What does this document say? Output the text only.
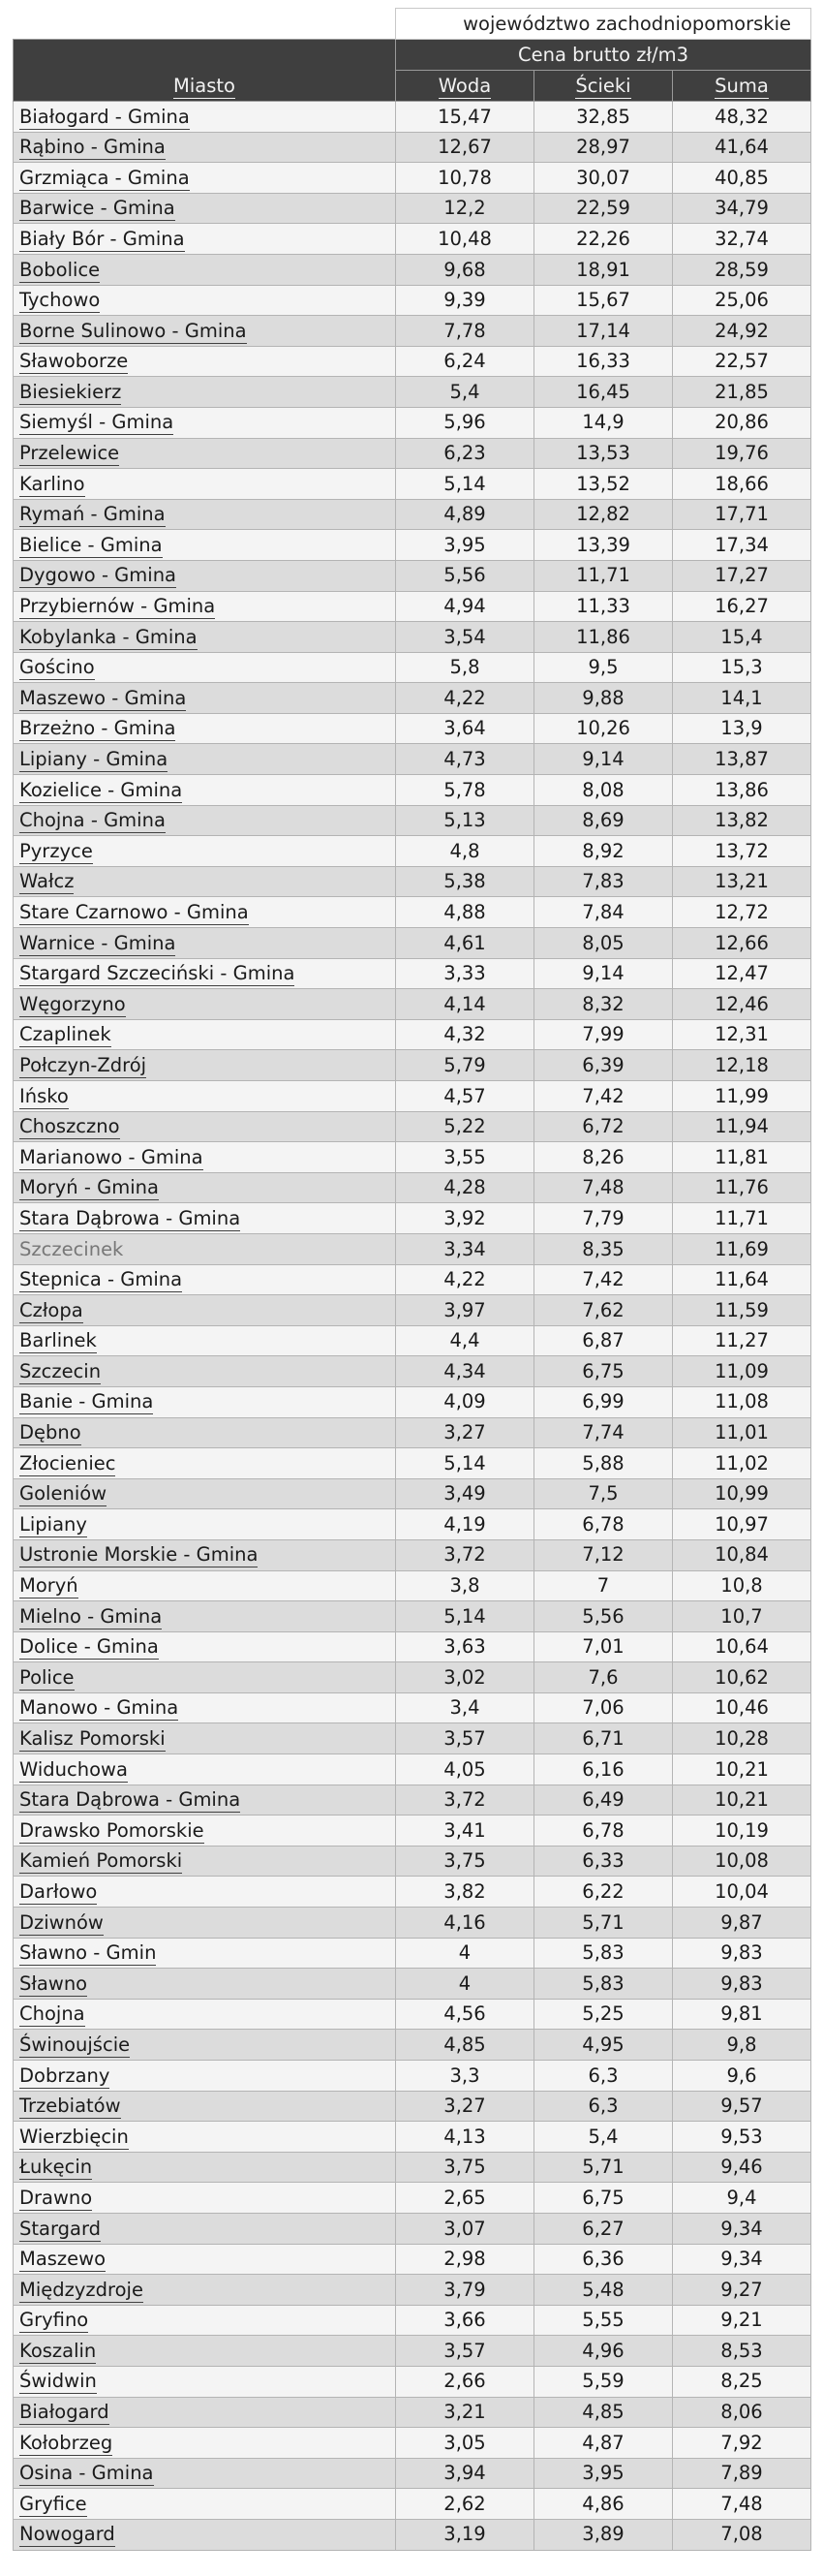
	województwo zachodniopomorskie		
Miasto	Cena brutto zł/m3		
	Woda	Ścieki	Suma
Białogard - Gmina	15,47	32,85	48,32
Rąbino - Gmina	12,67	28,97	41,64
Grzmiąca - Gmina	10,78	30,07	40,85
Barwice - Gmina	12,2	22,59	34,79
Biały Bór - Gmina	10,48	22,26	32,74
Bobolice	9,68	18,91	28,59
Tychowo	9,39	15,67	25,06
Borne Sulinowo - Gmina	7,78	17,14	24,92
Sławoborze	6,24	16,33	22,57
Biesiekierz	5,4	16,45	21,85
Siemyśl - Gmina	5,96	14,9	20,86
Przelewice	6,23	13,53	19,76
Karlino	5,14	13,52	18,66
Rymań - Gmina	4,89	12,82	17,71
Bielice - Gmina	3,95	13,39	17,34
Dygowo - Gmina	5,56	11,71	17,27
Przybiernów - Gmina	4,94	11,33	16,27
Kobylanka - Gmina	3,54	11,86	15,4
Gościno	5,8	9,5	15,3
Maszewo - Gmina	4,22	9,88	14,1
Brzeżno - Gmina	3,64	10,26	13,9
Lipiany - Gmina	4,73	9,14	13,87
Kozielice - Gmina	5,78	8,08	13,86
Chojna - Gmina	5,13	8,69	13,82
Pyrzyce	4,8	8,92	13,72
Wałcz	5,38	7,83	13,21
Stare Czarnowo - Gmina	4,88	7,84	12,72
Warnice - Gmina	4,61	8,05	12,66
Stargard Szczeciński - Gmina	3,33	9,14	12,47
Węgorzyno	4,14	8,32	12,46
Czaplinek	4,32	7,99	12,31
Połczyn-Zdrój	5,79	6,39	12,18
Ińsko	4,57	7,42	11,99
Choszczno	5,22	6,72	11,94
Marianowo - Gmina	3,55	8,26	11,81
Moryń - Gmina	4,28	7,48	11,76
Stara Dąbrowa - Gmina	3,92	7,79	11,71
Szczecinek	3,34	8,35	11,69
Stepnica - Gmina	4,22	7,42	11,64
Człopa	3,97	7,62	11,59
Barlinek	4,4	6,87	11,27
Szczecin	4,34	6,75	11,09
Banie - Gmina	4,09	6,99	11,08
Dębno	3,27	7,74	11,01
Złocieniec	5,14	5,88	11,02
Goleniów	3,49	7,5	10,99
Lipiany	4,19	6,78	10,97
Ustronie Morskie - Gmina	3,72	7,12	10,84
Moryń	3,8	7	10,8
Mielno - Gmina	5,14	5,56	10,7
Dolice - Gmina	3,63	7,01	10,64
Police	3,02	7,6	10,62
Manowo - Gmina	3,4	7,06	10,46
Kalisz Pomorski	3,57	6,71	10,28
Widuchowa	4,05	6,16	10,21
Stara Dąbrowa - Gmina	3,72	6,49	10,21
Drawsko Pomorskie	3,41	6,78	10,19
Kamień Pomorski	3,75	6,33	10,08
Darłowo	3,82	6,22	10,04
Dziwnów	4,16	5,71	9,87
Sławno - Gmin	4	5,83	9,83
Sławno	4	5,83	9,83
Chojna	4,56	5,25	9,81
Świnoujście	4,85	4,95	9,8
Dobrzany	3,3	6,3	9,6
Trzebiatów	3,27	6,3	9,57
Wierzbięcin	4,13	5,4	9,53
Łukęcin	3,75	5,71	9,46
Drawno	2,65	6,75	9,4
Stargard	3,07	6,27	9,34
Maszewo	2,98	6,36	9,34
Międzyzdroje	3,79	5,48	9,27
Gryfino	3,66	5,55	9,21
Koszalin	3,57	4,96	8,53
Świdwin	2,66	5,59	8,25
Białogard	3,21	4,85	8,06
Kołobrzeg	3,05	4,87	7,92
Osina - Gmina	3,94	3,95	7,89
Gryfice	2,62	4,86	7,48
Nowogard	3,19	3,89	7,08
